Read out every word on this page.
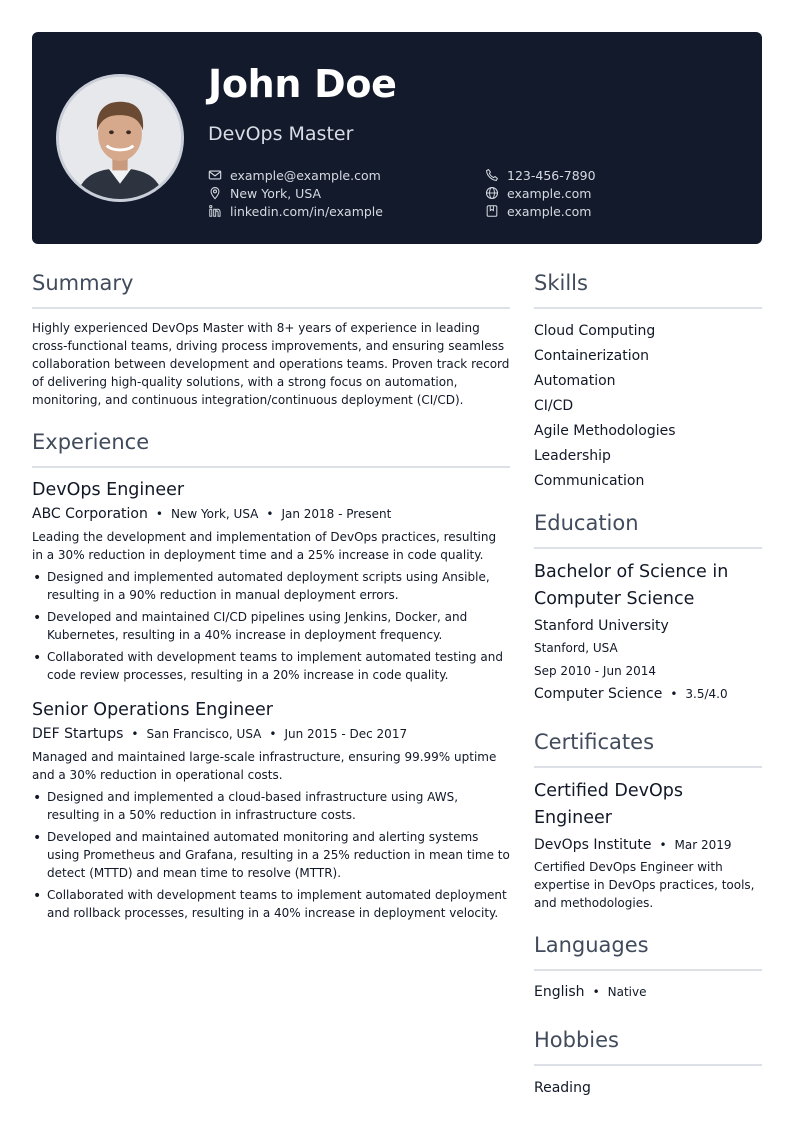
John Doe
DevOps Master
example@example.com	123-456-7890
New York, USA	example.com
linkedin.com/in/example	example.com
Summary

Highly experienced DevOps Master with 8+ years of experience in leading cross-functional teams, driving process improvements, and ensuring seamless collaboration between development and operations teams. Proven track record of delivering high-quality solutions, with a strong focus on automation, monitoring, and continuous integration/continuous deployment (CI/CD).

Experience
DevOps Engineer
ABC Corporation • New York, USA • Jan 2018 - Present

Leading the development and implementation of DevOps practices, resulting in a 30% reduction in deployment time and a 25% increase in code quality.

• Designed and implemented automated deployment scripts using Ansible, resulting in a 90% reduction in manual deployment errors.
• Developed and maintained CI/CD pipelines using Jenkins, Docker, and Kubernetes, resulting in a 40% increase in deployment frequency.
• Collaborated with development teams to implement automated testing and code review processes, resulting in a 20% increase in code quality.
Senior Operations Engineer
DEF Startups • San Francisco, USA • Jun 2015 - Dec 2017

Managed and maintained large-scale infrastructure, ensuring 99.99% uptime and a 30% reduction in operational costs.

• Designed and implemented a cloud-based infrastructure using AWS, resulting in a 50% reduction in infrastructure costs.
• Developed and maintained automated monitoring and alerting systems using Prometheus and Grafana, resulting in a 25% reduction in mean time to detect (MTTD) and mean time to resolve (MTTR).
• Collaborated with development teams to implement automated deployment and rollback processes, resulting in a 40% increase in deployment velocity.
Skills
Cloud Computing
Containerization
Automation
CI/CD
Agile Methodologies
Leadership
Communication
Education
Bachelor of Science in Computer Science
Stanford University
Stanford, USA
Sep 2010 - Jun 2014
Computer Science • 3.5/4.0
Certificates
Certified DevOps Engineer
DevOps Institute • Mar 2019

Certified DevOps Engineer with expertise in DevOps practices, tools, and methodologies.

Languages
English • Native
Hobbies
Reading
